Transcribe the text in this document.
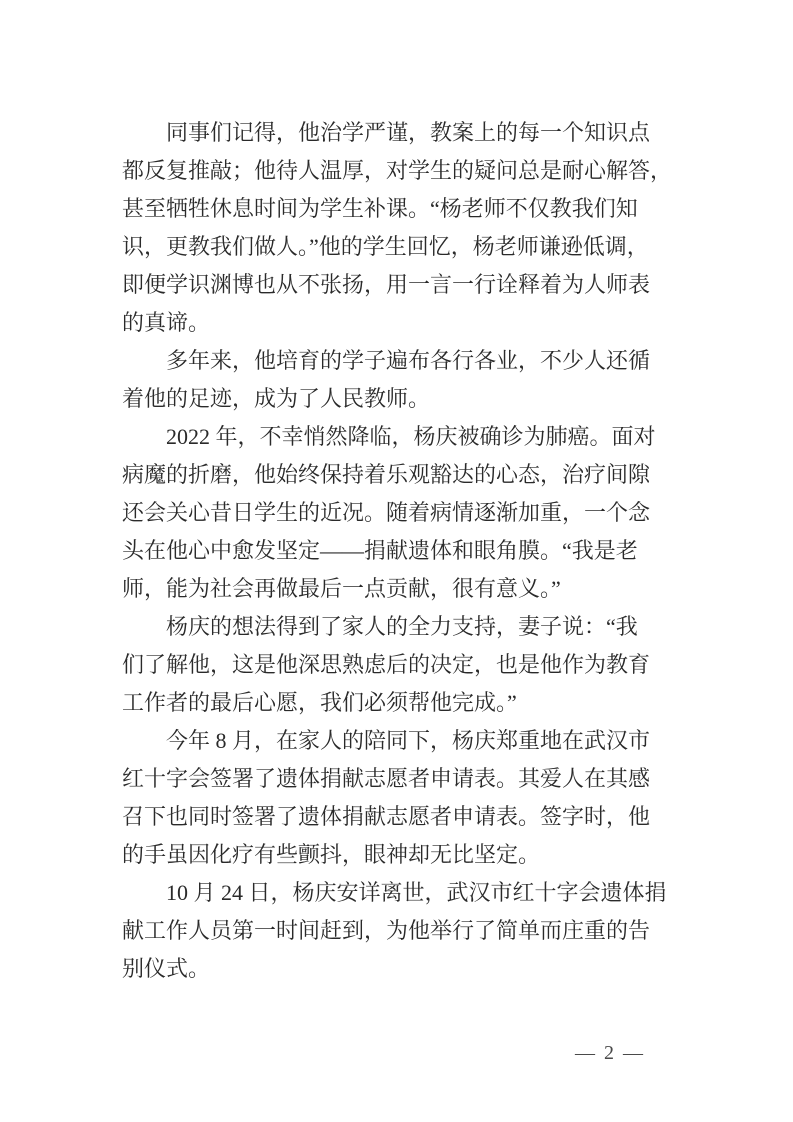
同事们记得，他治学严谨，教案上的每一个知识点
都反复推敲；他待人温厚，对学生的疑问总是耐心解答，
甚至牺牲休息时间为学生补课。“杨老师不仅教我们知
识，更教我们做人。”他的学生回忆，杨老师谦逊低调，
即便学识渊博也从不张扬，用一言一行诠释着为人师表
的真谛。
多年来，他培育的学子遍布各行各业，不少人还循
着他的足迹，成为了人民教师。
2022 年，不幸悄然降临，杨庆被确诊为肺癌。面对
病魔的折磨，他始终保持着乐观豁达的心态，治疗间隙
还会关心昔日学生的近况。随着病情逐渐加重，一个念
头在他心中愈发坚定——捐献遗体和眼角膜。“我是老
师，能为社会再做最后一点贡献，很有意义。”
杨庆的想法得到了家人的全力支持，妻子说：“我
们了解他，这是他深思熟虑后的决定，也是他作为教育
工作者的最后心愿，我们必须帮他完成。”
今年 8 月，在家人的陪同下，杨庆郑重地在武汉市
红十字会签署了遗体捐献志愿者申请表。其爱人在其感
召下也同时签署了遗体捐献志愿者申请表。签字时，他
的手虽因化疗有些颤抖，眼神却无比坚定。
10 月 24 日，杨庆安详离世，武汉市红十字会遗体捐
献工作人员第一时间赶到，为他举行了简单而庄重的告
别仪式。
— 2 —
